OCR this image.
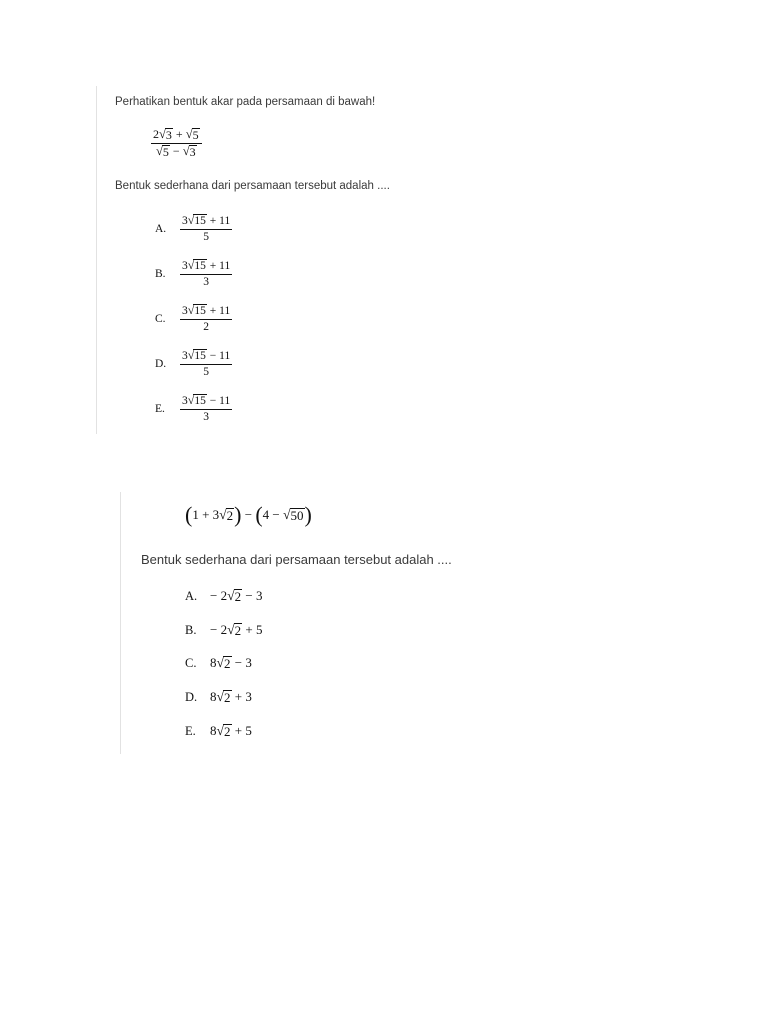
Perhatikan bentuk akar pada persamaan di bawah!
$\frac{2 √ 3 + √ 5}{√ 5 - √ 3}$
Bentuk sederhana dari persamaan tersebut adalah ....
A.	$\frac{3 √ 15 + 11}{5}$
B.	$\frac{3 √ 15 + 11}{3}$
C.	$\frac{3 √ 15 + 11}{2}$
D.	$\frac{3 √ 15 - 11}{5}$
E.	$\frac{3 √ 15 - 11}{3}$
( 1
+
3 √ 2 )
−
( 4
−
√ 50 )
Bentuk sederhana dari persamaan tersebut adalah ....
A. − 2 √ 2 − 3
B.	− 2 √ 2 + 5
C.	8 √ 2 − 3
D. 8 √ 2 + 3
E.	8 √ 2 + 5
